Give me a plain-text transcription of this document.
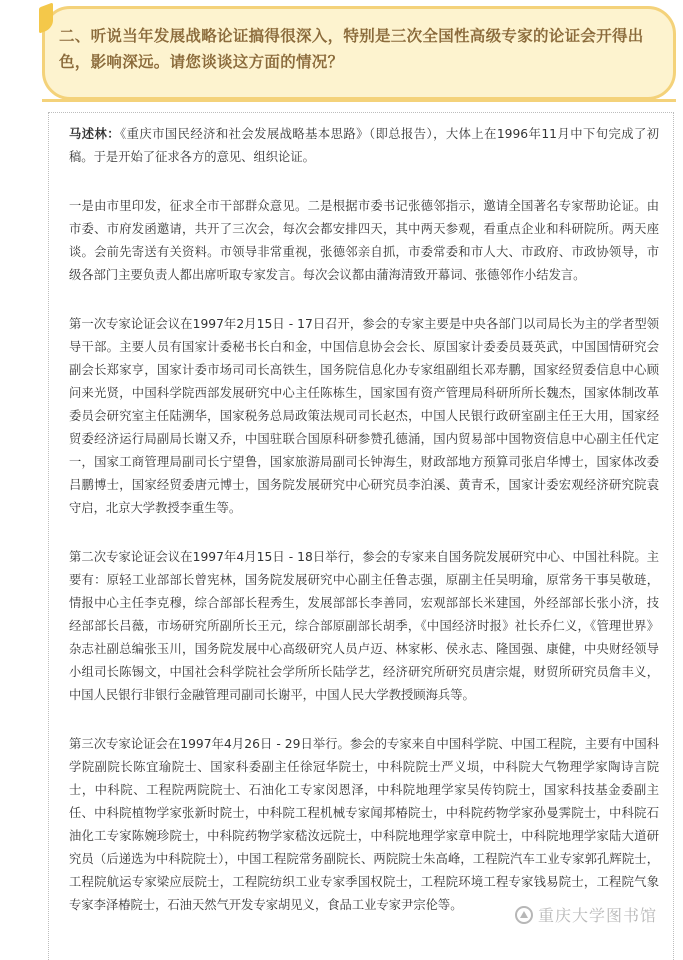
二、听说当年发展战略论证搞得很深入，特别是三次全国性高级专家的论证会开得出色，影响深远。请您谈谈这方面的情况？

马述林：《重庆市国民经济和社会发展战略基本思路》（即总报告），大体上在1996年11月中下旬完成了初稿。于是开始了征求各方的意见、组织论证。

一是由市里印发，征求全市干部群众意见。二是根据市委书记张德邻指示，邀请全国著名专家帮助论证。由市委、市府发函邀请，共开了三次会，每次会都安排四天，其中两天参观，看重点企业和科研院所。两天座谈。会前先寄送有关资料。市领导非常重视，张德邻亲自抓，市委常委和市人大、市政府、市政协领导，市级各部门主要负责人都出席听取专家发言。每次会议都由蒲海清致开幕词、张德邻作小结发言。

第一次专家论证会议在1997年2月15日 - 17日召开，参会的专家主要是中央各部门以司局长为主的学者型领导干部。主要人员有国家计委秘书长白和金，中国信息协会会长、原国家计委委员聂英武，中国国情研究会副会长郑家亨，国家计委市场司司长高铁生，国务院信息化办专家组副组长邓寿鹏，国家经贸委信息中心顾问来光贤，中国科学院西部发展研究中心主任陈栋生，国家国有资产管理局科研所所长魏杰，国家体制改革委员会研究室主任陆溯华，国家税务总局政策法规司司长赵杰，中国人民银行政研室副主任王大用，国家经贸委经济运行局副局长谢又乔，中国驻联合国原科研参赞孔德涌，国内贸易部中国物资信息中心副主任代定一，国家工商管理局副司长宁望鲁，国家旅游局副司长钟海生，财政部地方预算司张启华博士，国家体改委吕鹏博士，国家经贸委唐元博士，国务院发展研究中心研究员李泊溪、黄青禾，国家计委宏观经济研究院袁守启，北京大学教授李重生等。

第二次专家论证会议在1997年4月15日 - 18日举行，参会的专家来自国务院发展研究中心、中国社科院。主要有：原轻工业部部长曾宪林，国务院发展研究中心副主任鲁志强，原副主任吴明瑜，原常务干事吴敬琏，情报中心主任李克穆，综合部部长程秀生，发展部部长李善同，宏观部部长米建国，外经部部长张小济，技经部部长吕薇，市场研究所副所长王元，综合部原副部长胡季，《中国经济时报》社长乔仁义，《管理世界》杂志社副总编张玉川，国务院发展中心高级研究人员卢迈、林家彬、侯永志、隆国强、康健，中央财经领导小组司长陈锡文，中国社会科学院社会学所所长陆学艺，经济研究所研究员唐宗焜，财贸所研究员詹丰义，中国人民银行非银行金融管理司副司长谢平，中国人民大学教授顾海兵等。

第三次专家论证会在1997年4月26日 - 29日举行。参会的专家来自中国科学院、中国工程院，主要有中国科学院副院长陈宜瑜院士、国家科委副主任徐冠华院士，中科院院士严义埙，中科院大气物理学家陶诗言院士，中科院、工程院两院院士、石油化工专家闵恩泽，中科院地理学家吴传钧院士，国家科技基金委副主任、中科院植物学家张新时院士，中科院工程机械专家闻邦椿院士，中科院药物学家孙曼霁院士，中科院石油化工专家陈婉珍院士，中科院药物学家嵇汝远院士，中科院地理学家章申院士，中科院地理学家陆大道研究员（后递选为中科院院士），中国工程院常务副院长、两院院士朱高峰，工程院汽车工业专家郭孔辉院士，工程院航运专家梁应辰院士，工程院纺织工业专家季国权院士，工程院环境工程专家钱易院士，工程院气象专家李泽椿院士，石油天然气开发专家胡见义，食品工业专家尹宗伦等。

重庆大学图书馆
